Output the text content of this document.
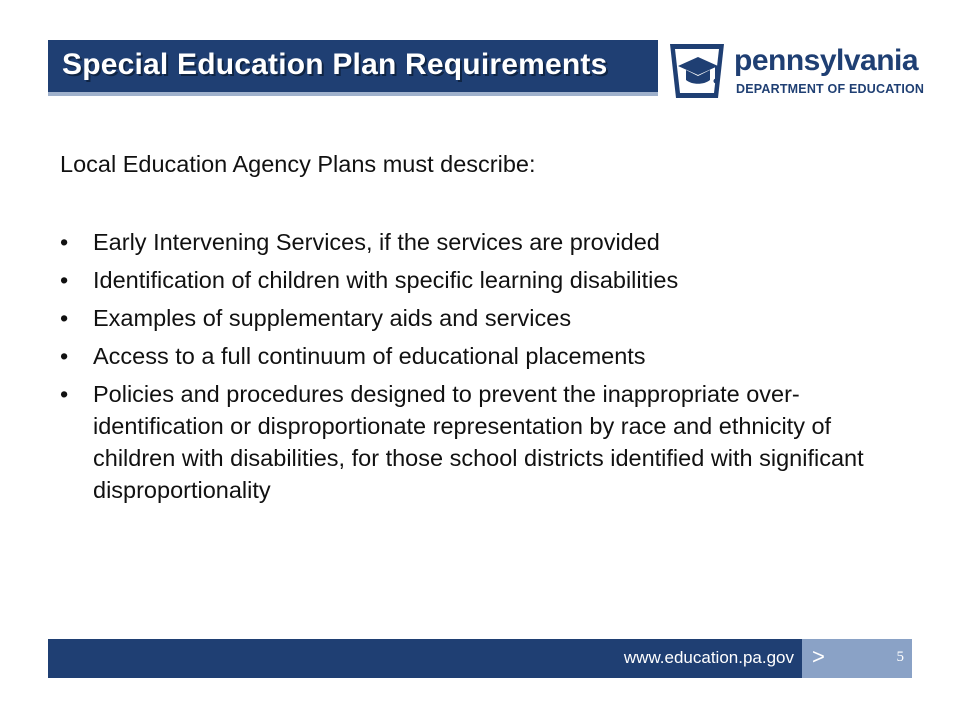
Special Education Plan Requirements	pennsylvania
DEPARTMENT OF EDUCATION

Local Education Agency Plans must describe:

• Early Intervening Services, if the services are provided
• Identification of children with specific learning disabilities
• Examples of supplementary aids and services
• Access to a full continuum of educational placements
• Policies and procedures designed to prevent the inappropriate over-identification or disproportionate representation by race and ethnicity of children with disabilities, for those school districts identified with significant disproportionality
www.education.pa.gov >	5
